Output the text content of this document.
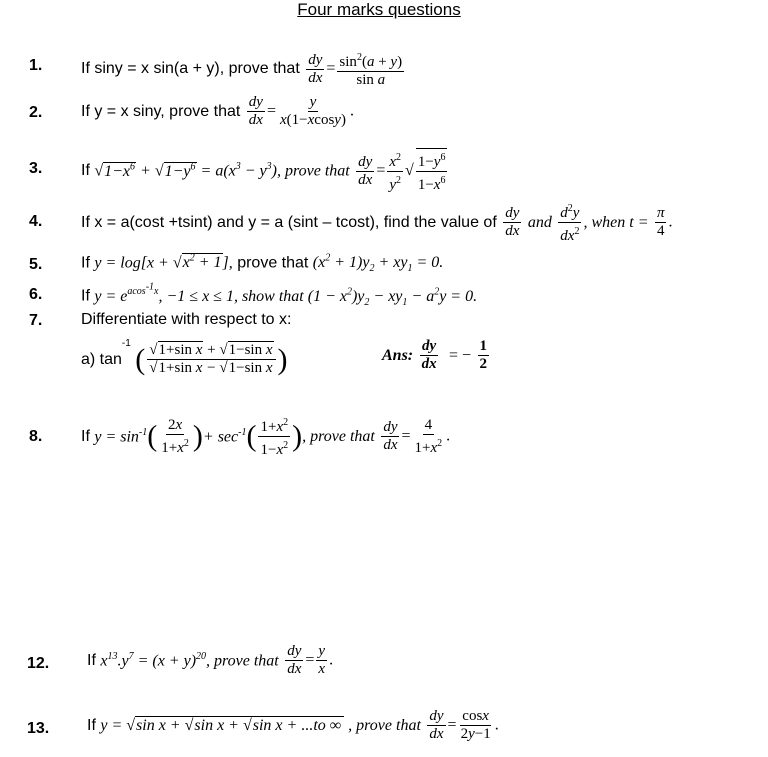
Four marks questions
1. If siny = x sin(a + y), prove that $\frac{dy}{dx} = \frac{\sin^2(a + y)}{\text{sin a}}$
2. If y = x siny, prove that $\frac{dy}{dx} = \frac{y}{x(1-xcosy)}$ .
3. If $√1-x^6 + √1-y^6 = a(x^3 - y^3)$, prove that $\frac{dy}{dx} = \frac{x^2}{y^2}$ √ $\frac{1-y^6}{1-x^6}$
4. If x = a(cost +tsint) and y = a (sint – tcost), find the value of $\frac{dy}{dx}$ and $\frac{d^2y}{dx^2}$ , when $t = \frac{\pi}{4}$ .
5. If $y = \log[x + √x^2 + 1]$, prove that $(x^2 + 1)y_2 + xy_1 = 0$.
6. If $y = e^{acos^{-1}x}$, −1 ≤ x ≤ 1, show that $(1 - x^2)y_2 - xy_1 - a^2y = 0$.
7. Differentiate with respect to x:
a) $\tan^{-1}$ ( $\frac{\text{√1+sin x + √1−sin x}}{\text{√1+sin x − √1−sin x}}$ )	Ans: $\frac{dy}{dx}$ = − $\frac{1}{2}$
8. If $y = \sin^{-1}( \frac{2x}{1+x^2}$ )+ $\sec^{-1}( \frac{1+x^2}{1-x^2}$ ), prove that $\frac{dy}{dx} = \frac{4}{1+x^2}$ .
12. If $x^{13}.y^7 = (x + y)^{20}$, prove that $\frac{dy}{dx} = \frac{y}{x}$ .
13. If y = √sin x + √sin x + √sin x + ...to ∞ , prove that $\frac{dy}{dx} = \frac{\cos x}{2y-1}$ .
